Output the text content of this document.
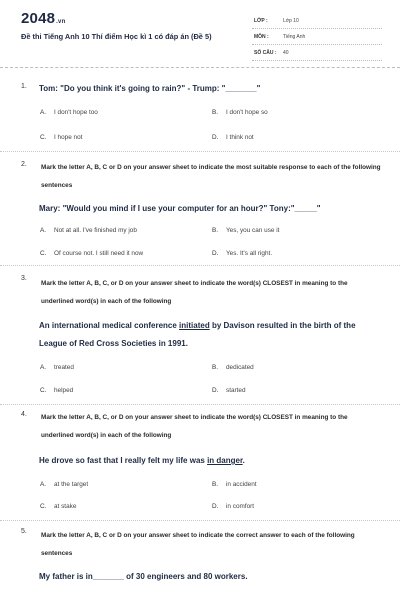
2048.vn
Đề thi Tiếng Anh 10 Thí điểm Học kì 1 có đáp án (Đề 5)
LỚP :	Lớp 10
MÔN :	Tiếng Anh
SỐ CÂU : 40
1. Tom: "Do you think it's going to rain?" - Trump: "_______"
A. I don't hope too	B. I don't hope so
C. I hope not	D. I think not
2. Mark the letter A, B, C or D on your answer sheet to indicate the most suitable response to each of the following sentences
Mary: "Would you mind if I use your computer for an hour?" Tony:"_____"
A. Not at all. I've finished my job	B. Yes, you can use it
C. Of course not. I still need it now	D. Yes. It's all right.
3.
Mark the letter A, B, C, or D on your answer sheet to indicate the word(s) CLOSEST in meaning to the underlined word(s) in each of the following
An international medical conference initiated by Davison resulted in the birth of the League of Red Cross Societies in 1991.
A. treated	B. dedicated
C. helped	D. started
4. Mark the letter A, B, C, or D on your answer sheet to indicate the word(s) CLOSEST in meaning to the underlined word(s) in each of the following
He drove so fast that I really felt my life was in danger.
A. at the target	B. in accident
C. at stake	D. in comfort
5.
Mark the letter A, B, C or D on your answer sheet to indicate the correct answer to each of the following sentences
My father is in_______ of 30 engineers and 80 workers.
